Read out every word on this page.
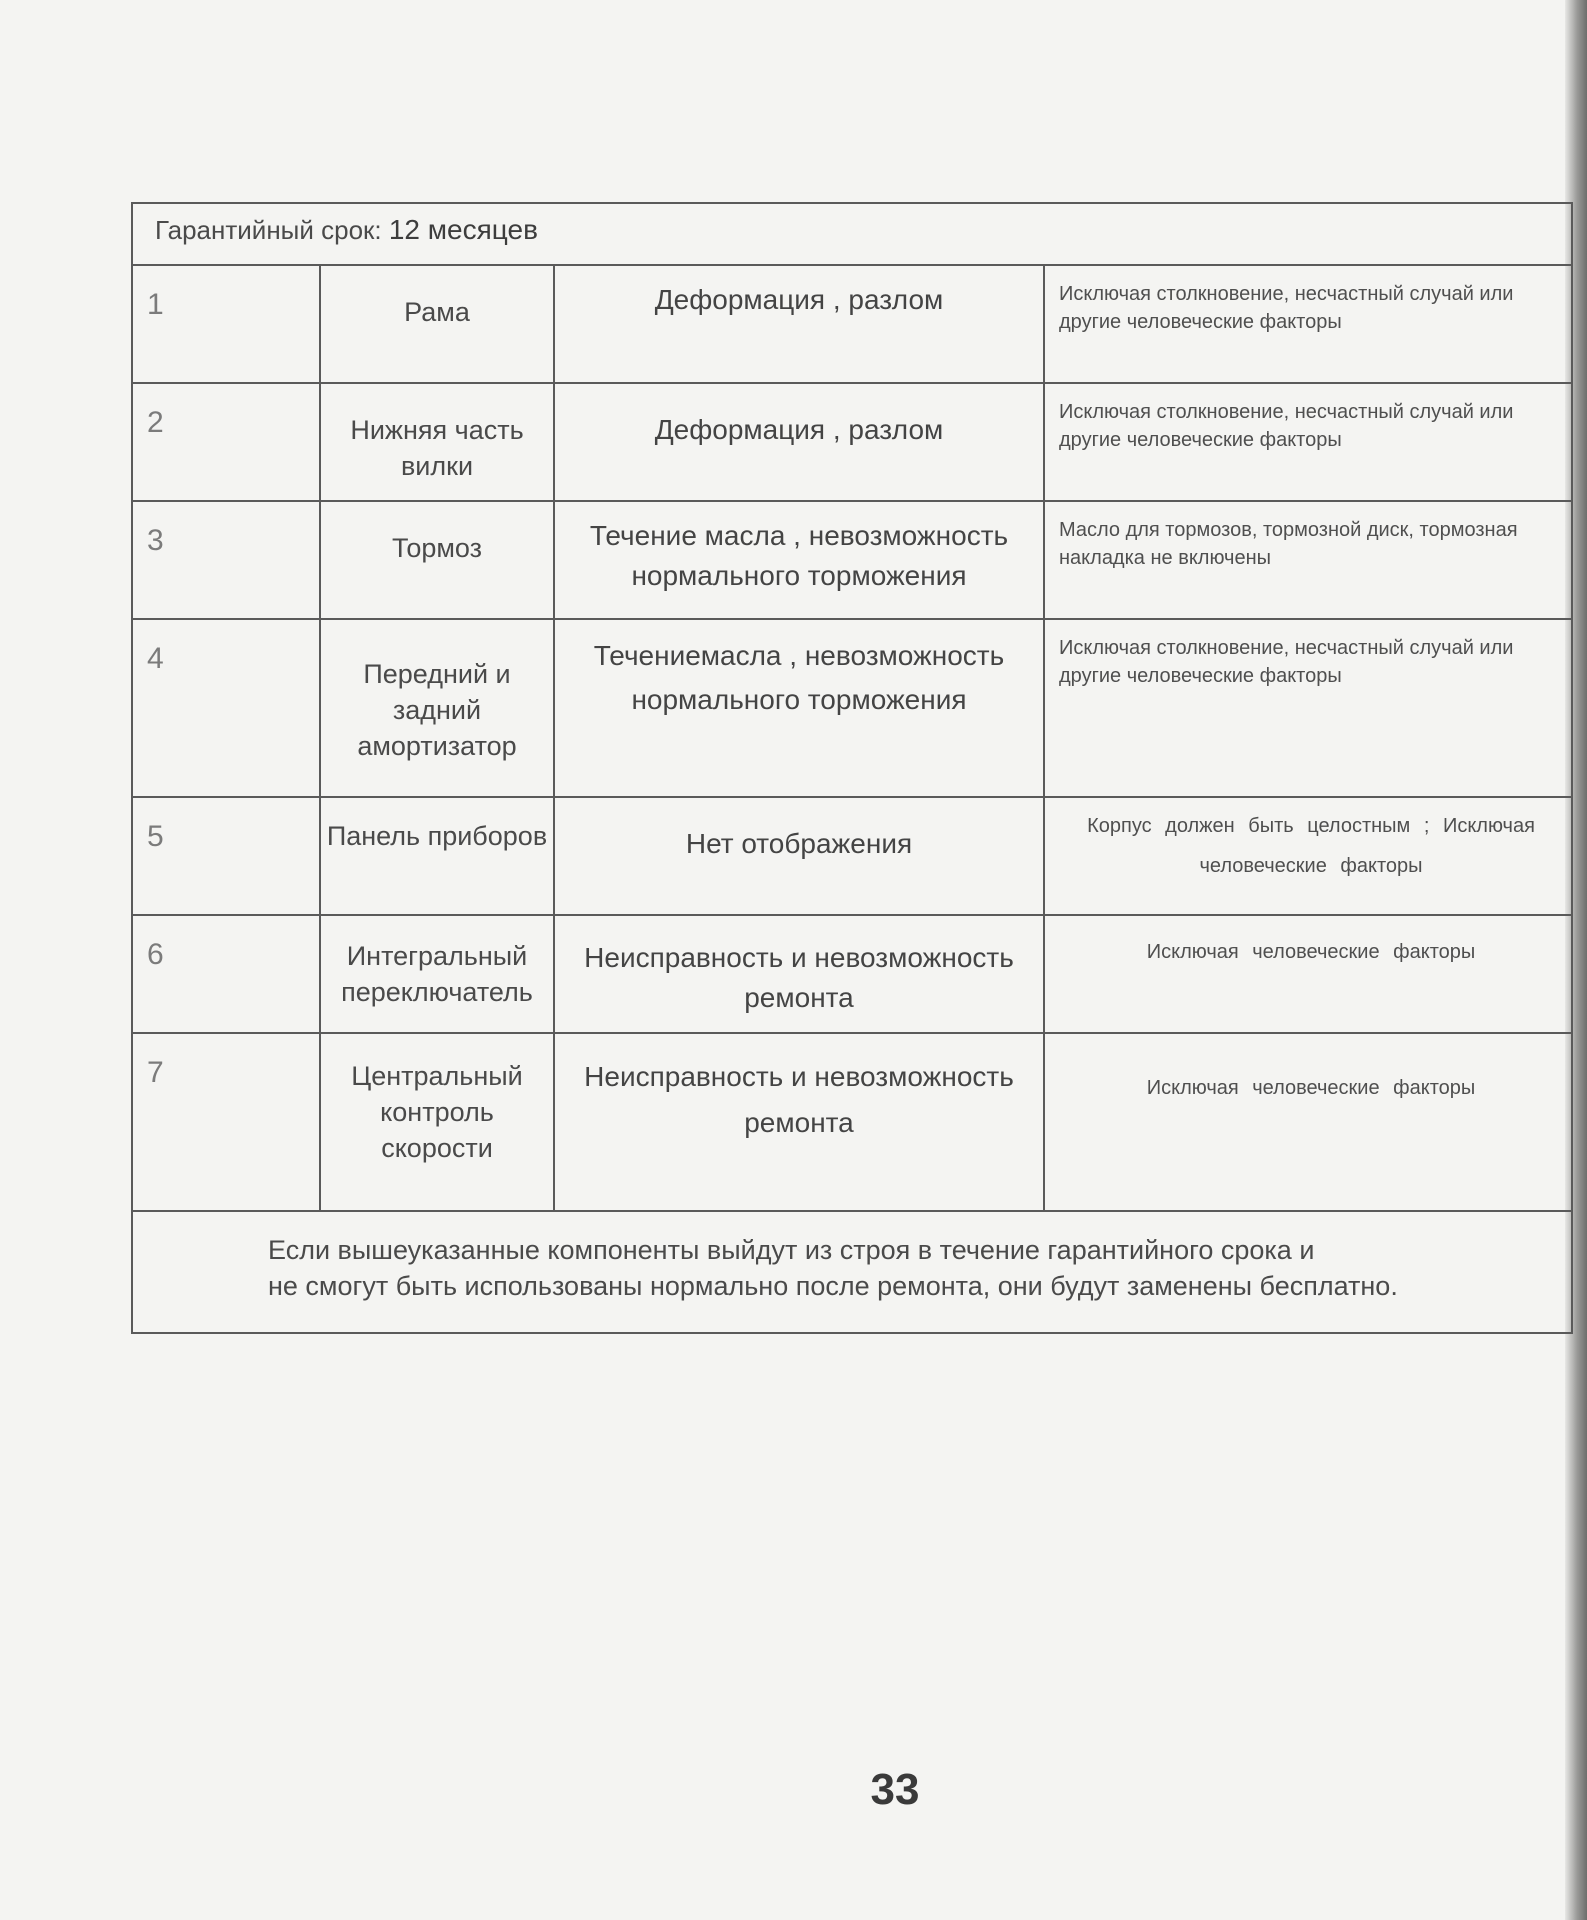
Гарантийный срок: 12 месяцев			
1	Рама	Деформация , разлом	Исключая столкновение, несчастный случай или другие человеческие факторы
2	Нижняя часть вилки	Деформация , разлом	Исключая столкновение, несчастный случай или другие человеческие факторы
3	Тормоз	Течение масла , невозможность нормального торможения	Масло для тормозов, тормозной диск, тормозная накладка не включены
4	Передний и задний амортизатор	Течениемасла , невозможность нормального торможения	Исключая столкновение, несчастный случай или другие человеческие факторы
5	Панель приборов	Нет отображения	Корпус должен быть целостным ; Исключая человеческие факторы
6	Интегральный переключатель	Неисправность и невозможность ремонта	Исключая человеческие факторы
7	Центральный контроль скорости	Неисправность и невозможность ремонта	Исключая человеческие факторы

Если вышеуказанные компоненты выйдут из строя в течение гарантийного срока и
не смогут быть использованы нормально после ремонта, они будут заменены бесплатно.			
33
